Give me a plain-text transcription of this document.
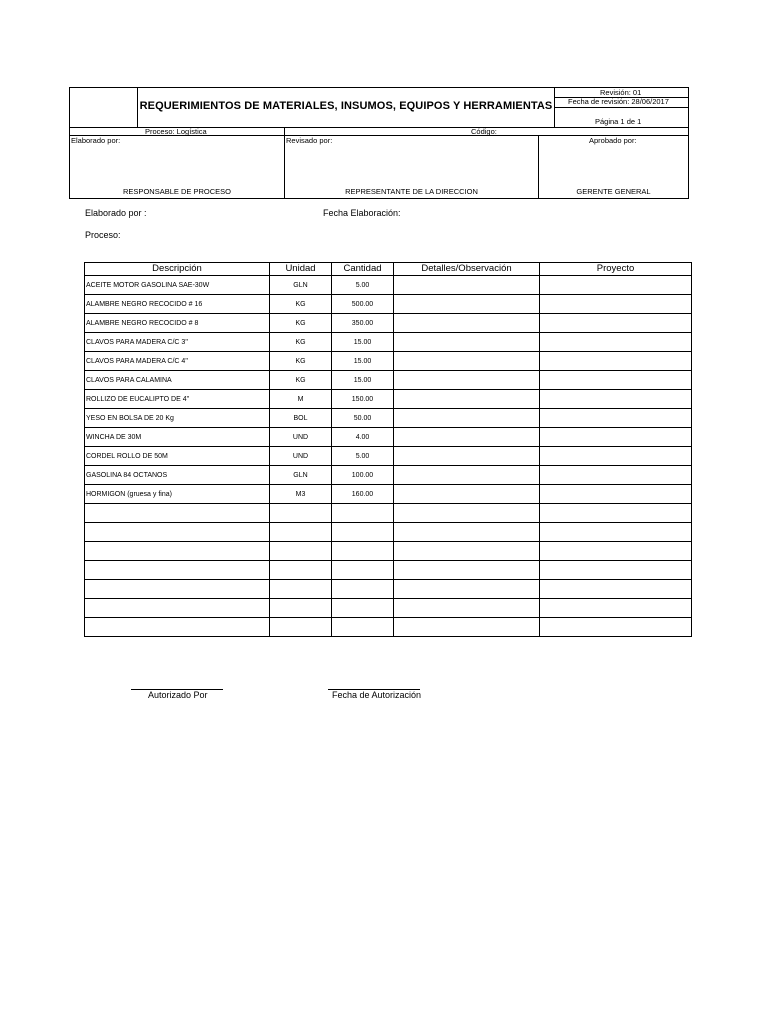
REQUERIMIENTOS DE MATERIALES, INSUMOS, EQUIPOS Y HERRAMIENTAS
Revisión: 01
Fecha de revisión: 28/06/2017
Página 1 de 1
Proceso: Logística	Código:
Elaborado por:	Revisado por:	Aprobado por:
RESPONSABLE DE PROCESO	REPRESENTANTE DE LA DIRECCION	GERENTE GENERAL
Elaborado por :	Fecha Elaboración:
Proceso:
Descripción	Unidad	Cantidad	Detalles/Observación	Proyecto
ACEITE MOTOR GASOLINA SAE-30W	GLN	5.00		
ALAMBRE NEGRO RECOCIDO # 16	KG	500.00		
ALAMBRE NEGRO RECOCIDO # 8	KG	350.00		
CLAVOS PARA MADERA C/C 3"	KG	15.00		
CLAVOS PARA MADERA C/C 4"	KG	15.00		
CLAVOS PARA CALAMINA	KG	15.00		
ROLLIZO DE EUCALIPTO DE 4"	M	150.00		
YESO EN BOLSA DE 20 Kg	BOL	50.00		
WINCHA DE 30M	UND	4.00		
CORDEL ROLLO DE 50M	UND	5.00		
GASOLINA 84 OCTANOS	GLN	100.00		
HORMIGON (gruesa y fina)	M3	160.00		

Autorizado Por	Fecha de Autorización
